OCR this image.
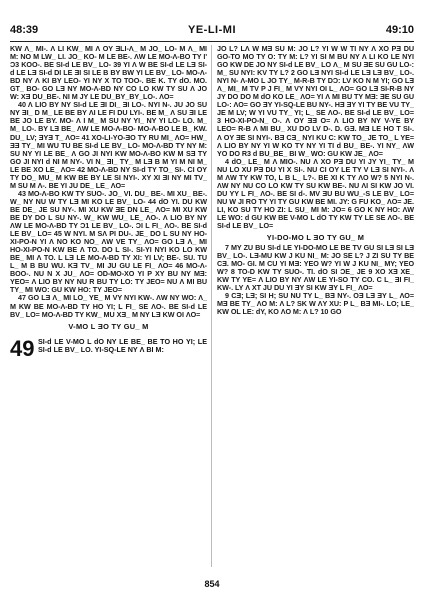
48:39	YE-LI-MI	49:10

KW Λ_ MI-. Λ LI KW_ MI Λ OY ƎLI-Λ_ M JO_ LO- M Λ_ MI M: NO M LW_ LI. JO_ KO- M LE BE-. ΛW LE MO-Λ-BO TY I' Ɔ3 KOO-. BE SI-d LE BV_ LO- 39 YI Λ W BE SI-d LE LƎ SI-d LE LƎ SI-d DI LE ƎI SI LE B BY BW YI LE BV_ LO- MO-Λ-BD NY Λ KI BY LEO- YI NY X TO TOO-. BE K. TY dO. MO. GT_ BO- GO LƎ NY MO-Λ-BD NY CO LO KW TY SU Λ JO W: XƎ DU_BE-. NI M JY LE DU_BY_BY_LO-. ΛO=

40 Λ LIO BY NY SI-d LE ƎI DI_ ƎI LO-. NYI N-. JU JO SU NY ƎI_ D M_ LE BE BY ΛI LE FI DU LYI-. BE M_ Λ SU ƎI LE BE JO LE BY. MO- Λ I M_ M SU NY YI_ NY YI LO- LO. M_ M_ LO-. BY LƎ BE_ ΛW LE MO-Λ-BO- MO-Λ-BO LE B_ KW. DU_ LV; ƎYƎ T_ ΛO= 41 XO-LI-YO-ƎO TY RU MI_ ΛO= HW_ ƎƎ TY_ MI WU TU BE SI-d LE BV_ LO- MO-Λ-BD TY NY M: SU NY YI LE BE_ Λ GO JI NYI KW MO-Λ-BO KW M SƎ TY GO JI NYI d NI M NY-. VI N_ ƎI_ TY_ M LƎ B M YI M NI M_ LE BE XO LE_ ΛO= 42 MO-Λ-BD NY SI-d TY TO_ SI-. CI OY TY DO_ MU_ M KW BE BY LE SI NYI-. XY XI ƎI NY MI TV_ M SU M Λ-. BE YI JU DE_ LE_ ΛO=

43 MO-Λ-BO KW TY SUO-. JO_ VI. DU_ BE-. MI XU_ BE-. W_ NY NU W TY LƎ MI KO LE BV_ LO- 44 dO YI. DU KW BE DE_ JE SU NY-. MI XU KW ƎE DN LE_ ΛO= MI XU KW BE DY DO L SU NY-. W_ KW WU_ LE_ ΛO-. Λ LIO BY NY ΛW LE MO-Λ-BD TY Ɔ1 LE BV_ LO-. ƆI L FI_ ΛO-. BE SI-d LE BV_ LO= 45 W NYI. M SΛ PI DU-. JE_ DO L SU NY HO-XI-PO-N YI Λ NO KO NO_ ΛW VE TY_ ΛO= GO LƎ Λ_ MI HO-XI-PO-N KW BE Λ TO. DO L SI-. SI-YI NYI KO LO KW BE_ MI Λ TO. L LƎ LE MO-Λ-BD TY XI: YI LV; BE-. SU. TU L_ M B BU WU. KƎ TV_ MI JU GU LE FI_ ΛO= 46 MO-Λ-BOO-. NU N X JU_ ΛO= OD-MO-XO YI P XY BU NY MƎ: YEO= Λ LIO BY NY NU R BU TY LO: TY JEO= NU Λ MI BU TY_ MI WO: GU KW HO: TY JEO=

47 GO LƎ Λ_ MI LO_ YE_ M VY NYI KW-. ΛW NY WO: Λ_ M KW BE MO-Λ-BD TY HO YI; L FI_ SE ΛO-. BE SI-d LE BV_ LO= MO-Λ-BD TY KW_ MU XƎ_ M NY LƎ KW OI ΛO=

V-MO L ƎO TY GU_ M
49 SI-d LE V-MO L dO NY LE BE_ BE TO HO YI; LE SI-d LE BV_ LO. YI-SQ-LE NY Λ BI M:

JO L? LΛ W MƎ SU M: JO L? YI W W TI NY Λ XO PƎ DU GO-TO MO TY O: TY M: L? YI SI M BU NY Λ LI KO LE NYI GO KW DE JO NY SI-d LE BV_ LO Λ_ M SU ƎE SU GU LO-: M_ SU NYI: KV TY L? 2 GO LƎ NYI SI-d LE LƎ LƎ BV_ LO-. NYI N- Λ-MO L JO TY_ M-R-B TY DƆ: LV KO N M YI; GO LƎ Λ_ MI_ M TV P J FI_ M VY NYI OI L_ ΛO= GO LƎ SI-R-B NY JY DO DO M dO KO LE_ ΛO= YI Λ MI BU TY MƎ: ƎE SU GU LO-: ΛO= GO ƎY YI-SQ-LE BU NY-. HƎ ƎY YI TY BE VU TY_ JE M LV; W YI VU TY_ YI; L_ SE ΛO-. BE SI-d LE BV_ LO= 3 HO-XI-PO-N_ O-. Λ OY ƎƎ O= Λ LIO BY NY V-YE BY LEO= R-B Λ MI BU_ XU DO LV D-. D. GƎ. MƎ LE HO T SI-. Λ OY ƎE SI NYI-. BƎ CƎ_ NYI KU C: KW TO_ JE TO_ L YE= Λ LIO BY NY YI W KO TY NY YI TI d BU_ BE-. YI NY_ ΛW YO DO R3 d BU_BE_ BI W_ WO: GU KW JE_ ΛO=

4 dO_ LE_ M Λ MIO-. NU Λ XO PƎ DU YI JY YI_ TY_ M NU LO XU PƎ DU YI X SI-. NU CI OY LE TY V LƎ SI NYI-. Λ M ΛW TY KW TO, L B L_ L?-. BE XI K TY ΛO W? 5 NYI N-. ΛW NY NU CO LO KW TY SU KW BE-. NU ΛI SI KW JO VI. DU YY L FI_ ΛO-. BE SI d-. MV ƎU BU WU_-S LE BV_ LO= NU W JI RO TY YI TY GU KW BE MI. JY: G FU KO_ ΛO= JE. LI, KO SU TY HO ZI: L SU_ MI M: JO= 6 GO K NY HO: ΛW LE WO: d GU KW BE V-MO L dO TY KW TY LE SE ΛO-. BE SI-d LE BV_ LO=

YI-DO-MO L ƎO TY GU_ M

7 MY ZU BU SI-d LE YI-DO-MO LE BE TV GU SI LƎ SI LƎ BV_ LO-. LƎ-MU KW J KU NI_ M: JO SE L? J ZI SU TY BE CƎ. MO- GI. M CU YI MƎ: YEO W? YI W J KU NI_ MY; YEO W? 8 TO-D KW TY SUO-. TI. dO SI ƆE_ JE 9 XO XƎ XE_ KW TY YE= Λ LIO BY NY ΛW LE YI-SO TY CO. C L_ ƎI FI_ KW-. LY Λ XT JU DU YI ƎY SI KW ƎY L FI_ ΛO=

9 CƎ; LƎ; SI H; SU NU TY L_ BƎ NY-. OƎ LƎ ƎY L_ ΛO= MƎ BE TY_ ΛO M: Λ L? SK W ΛY XU: P L_ BƎ MI-. LO; LE_ KW OL LE: dY, KO ΛO M: Λ L? 10 GO

854
